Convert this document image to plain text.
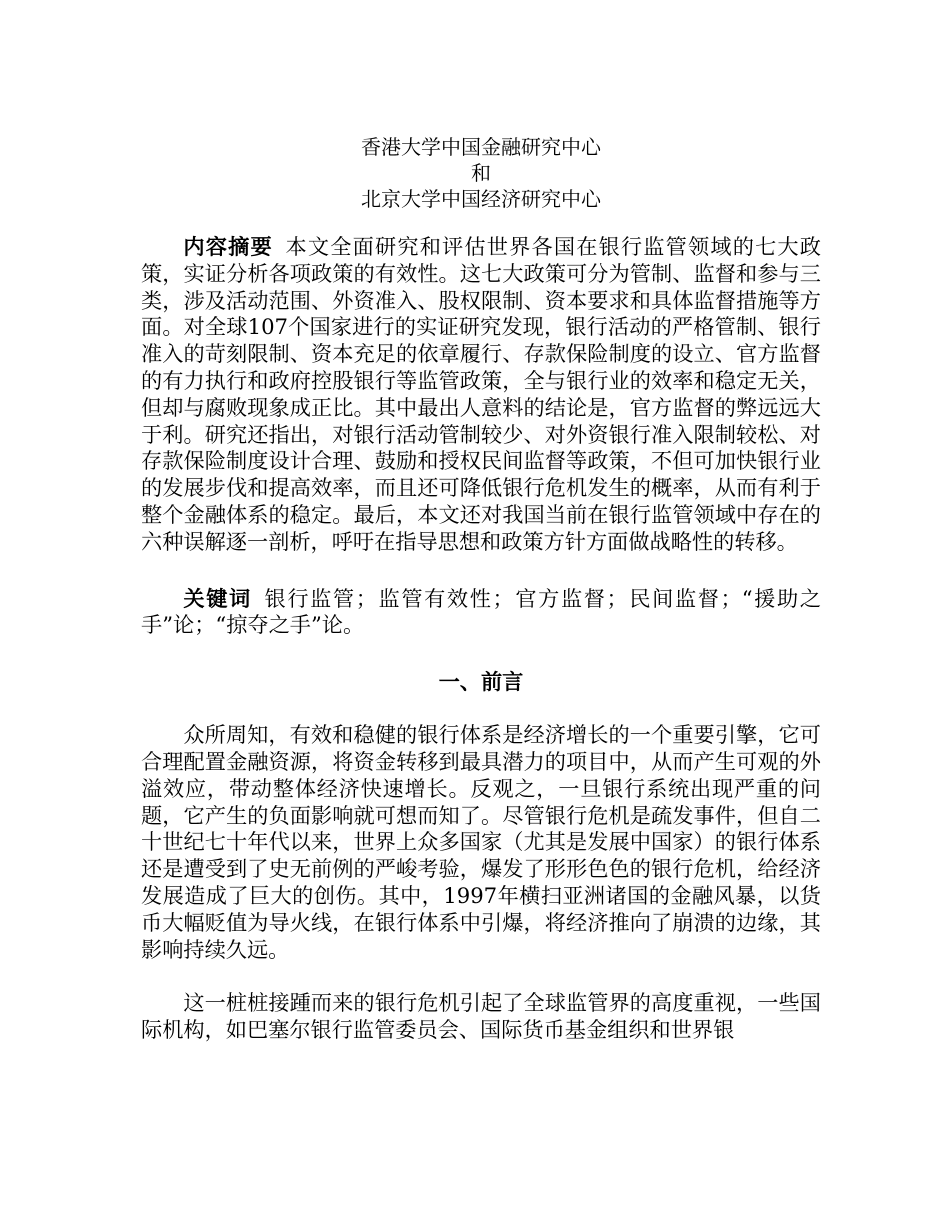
香港大学中国金融研究中心
和
北京大学中国经济研究中心

内容摘要 本文全面研究和评估世界各国在银行监管领域的七大政策，实证分析各项政策的有效性。这七大政策可分为管制、监督和参与三类，涉及活动范围、外资准入、股权限制、资本要求和具体监督措施等方面。对全球107个国家进行的实证研究发现，银行活动的严格管制、银行准入的苛刻限制、资本充足的依章履行、存款保险制度的设立、官方监督的有力执行和政府控股银行等监管政策，全与银行业的效率和稳定无关，但却与腐败现象成正比。其中最出人意料的结论是，官方监督的弊远远大于利。研究还指出，对银行活动管制较少、对外资银行准入限制较松、对存款保险制度设计合理、鼓励和授权民间监督等政策，不但可加快银行业的发展步伐和提高效率，而且还可降低银行危机发生的概率，从而有利于整个金融体系的稳定。最后，本文还对我国当前在银行监管领域中存在的六种误解逐一剖析，呼吁在指导思想和政策方针方面做战略性的转移。

关键词 银行监管；监管有效性；官方监督；民间监督；“援助之手”论；“掠夺之手”论。

一、前言

众所周知，有效和稳健的银行体系是经济增长的一个重要引擎，它可合理配置金融资源，将资金转移到最具潜力的项目中，从而产生可观的外溢效应，带动整体经济快速增长。反观之，一旦银行系统出现严重的问题，它产生的负面影响就可想而知了。尽管银行危机是疏发事件，但自二十世纪七十年代以来，世界上众多国家（尤其是发展中国家）的银行体系还是遭受到了史无前例的严峻考验，爆发了形形色色的银行危机，给经济发展造成了巨大的创伤。其中，1997年横扫亚洲诸国的金融风暴，以货币大幅贬值为导火线，在银行体系中引爆，将经济推向了崩溃的边缘，其影响持续久远。

这一桩桩接踵而来的银行危机引起了全球监管界的高度重视，一些国际机构，如巴塞尔银行监管委员会、国际货币基金组织和世界银
